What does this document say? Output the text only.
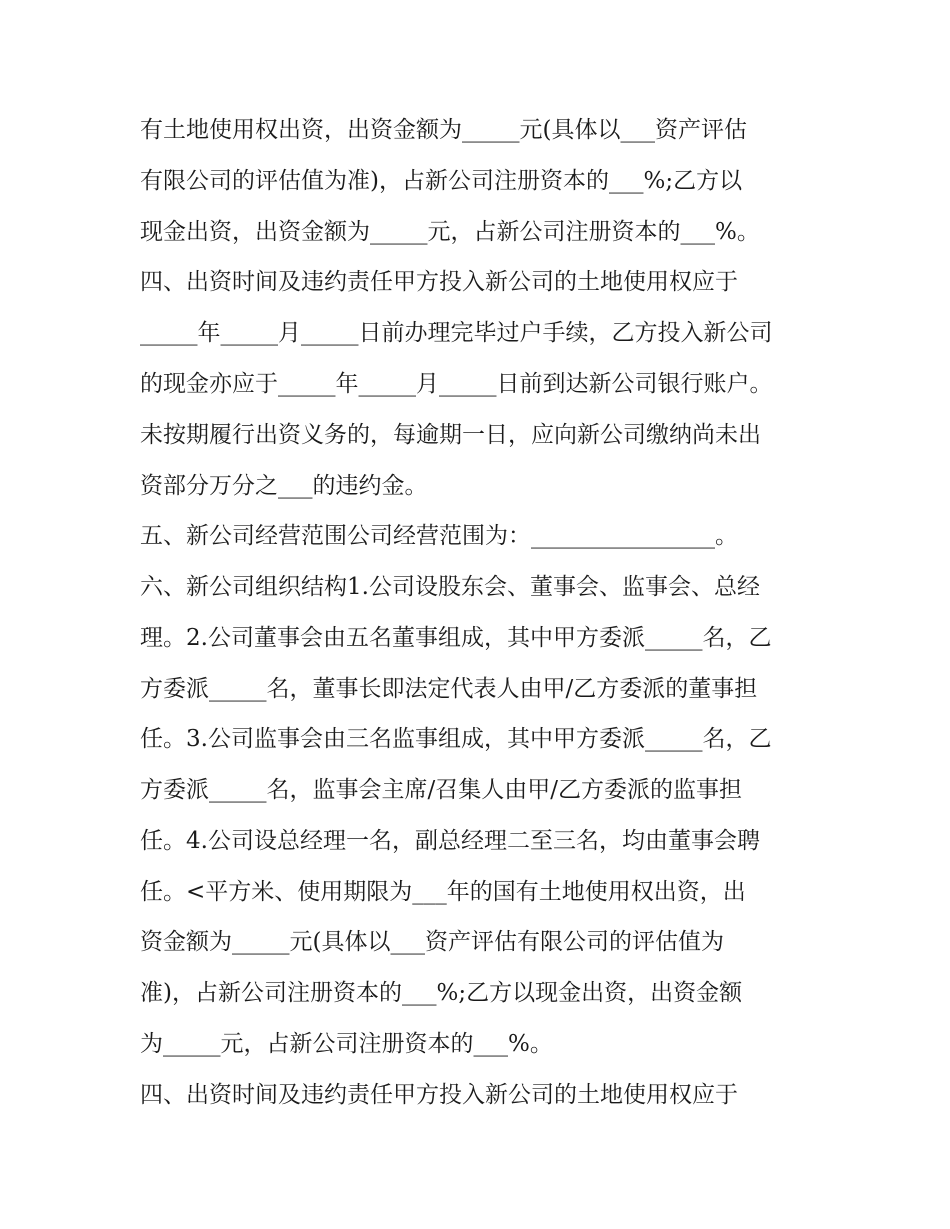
有土地使用权出资，出资金额为_____元(具体以___资产评估
有限公司的评估值为准)，占新公司注册资本的___%;乙方以
现金出资，出资金额为_____元，占新公司注册资本的___%。
四、出资时间及违约责任甲方投入新公司的土地使用权应于
_____年_____月_____日前办理完毕过户手续，乙方投入新公司
的现金亦应于_____年_____月_____日前到达新公司银行账户。
未按期履行出资义务的，每逾期一日，应向新公司缴纳尚未出
资部分万分之___的违约金。
五、新公司经营范围公司经营范围为：________________。
六、新公司组织结构1.公司设股东会、董事会、监事会、总经
理。2.公司董事会由五名董事组成，其中甲方委派_____名，乙
方委派_____名，董事长即法定代表人由甲/乙方委派的董事担
任。3.公司监事会由三名监事组成，其中甲方委派_____名，乙
方委派_____名，监事会主席/召集人由甲/乙方委派的监事担
任。4.公司设总经理一名，副总经理二至三名，均由董事会聘
任。<平方米、使用期限为___年的国有土地使用权出资，出
资金额为_____元(具体以___资产评估有限公司的评估值为
准)，占新公司注册资本的___%;乙方以现金出资，出资金额
为_____元，占新公司注册资本的___%。
四、出资时间及违约责任甲方投入新公司的土地使用权应于
